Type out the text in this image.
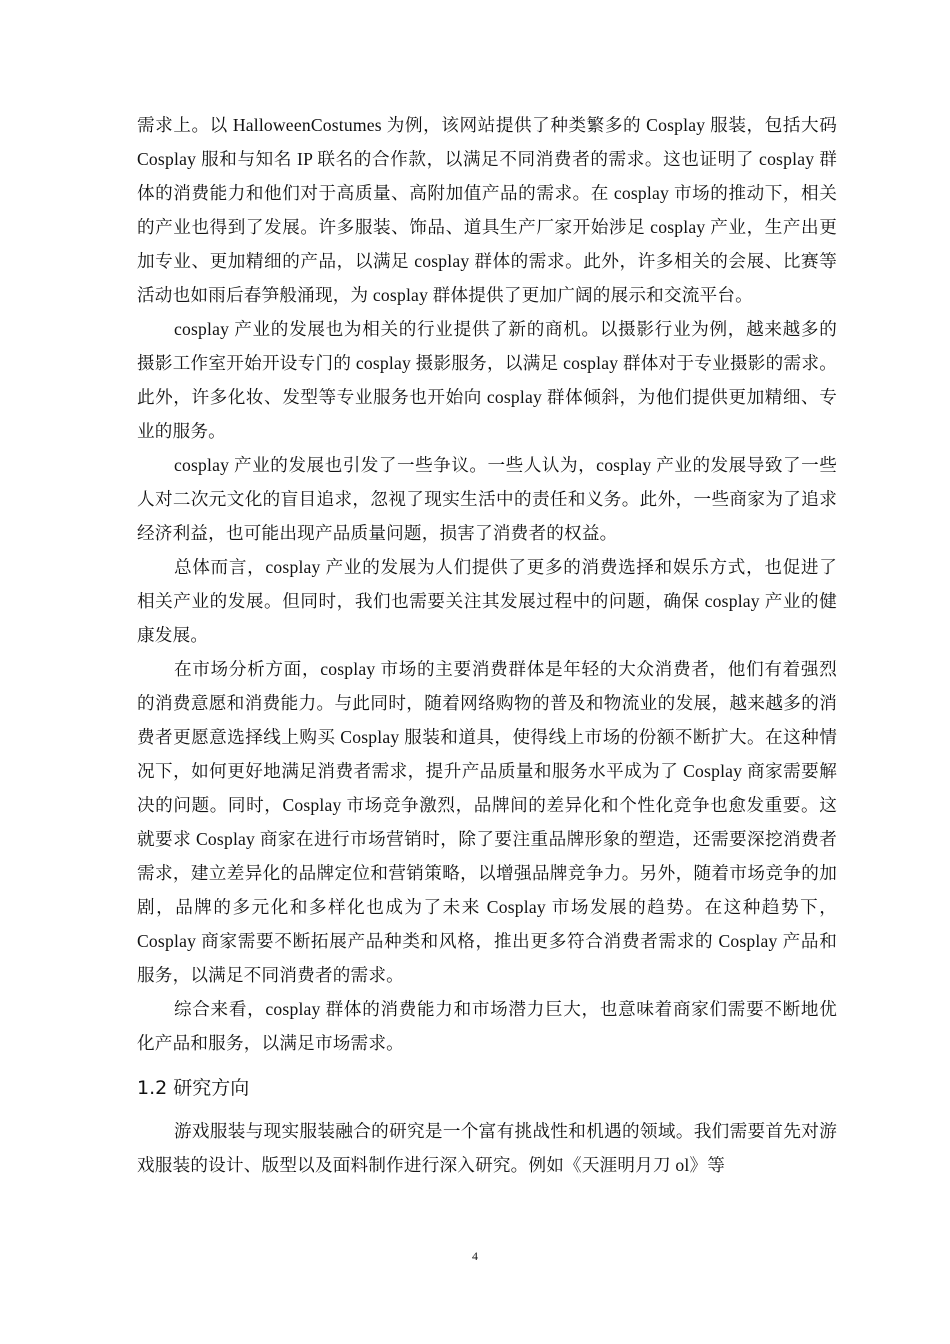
需求上。以 HalloweenCostumes 为例，该网站提供了种类繁多的 Cosplay 服装，包括大码 Cosplay 服和与知名 IP 联名的合作款，以满足不同消费者的需求。这也证明了 cosplay 群体的消费能力和他们对于高质量、高附加值产品的需求。在 cosplay 市场的推动下，相关的产业也得到了发展。许多服装、饰品、道具生产厂家开始涉足 cosplay 产业，生产出更加专业、更加精细的产品，以满足 cosplay 群体的需求。此外，许多相关的会展、比赛等活动也如雨后春笋般涌现，为 cosplay 群体提供了更加广阔的展示和交流平台。

cosplay 产业的发展也为相关的行业提供了新的商机。以摄影行业为例，越来越多的摄影工作室开始开设专门的 cosplay 摄影服务，以满足 cosplay 群体对于专业摄影的需求。此外，许多化妆、发型等专业服务也开始向 cosplay 群体倾斜，为他们提供更加精细、专业的服务。

cosplay 产业的发展也引发了一些争议。一些人认为，cosplay 产业的发展导致了一些人对二次元文化的盲目追求，忽视了现实生活中的责任和义务。此外，一些商家为了追求经济利益，也可能出现产品质量问题，损害了消费者的权益。

总体而言，cosplay 产业的发展为人们提供了更多的消费选择和娱乐方式，也促进了相关产业的发展。但同时，我们也需要关注其发展过程中的问题，确保 cosplay 产业的健康发展。

在市场分析方面，cosplay 市场的主要消费群体是年轻的大众消费者，他们有着强烈的消费意愿和消费能力。与此同时，随着网络购物的普及和物流业的发展，越来越多的消费者更愿意选择线上购买 Cosplay 服装和道具，使得线上市场的份额不断扩大。在这种情况下，如何更好地满足消费者需求，提升产品质量和服务水平成为了 Cosplay 商家需要解决的问题。同时，Cosplay 市场竞争激烈，品牌间的差异化和个性化竞争也愈发重要。这就要求 Cosplay 商家在进行市场营销时，除了要注重品牌形象的塑造，还需要深挖消费者需求，建立差异化的品牌定位和营销策略，以增强品牌竞争力。另外，随着市场竞争的加剧，品牌的多元化和多样化也成为了未来 Cosplay 市场发展的趋势。在这种趋势下，Cosplay 商家需要不断拓展产品种类和风格，推出更多符合消费者需求的 Cosplay 产品和服务，以满足不同消费者的需求。

综合来看，cosplay 群体的消费能力和市场潜力巨大，也意味着商家们需要不断地优化产品和服务，以满足市场需求。

1.2 研究方向

游戏服装与现实服装融合的研究是一个富有挑战性和机遇的领域。我们需要首先对游戏服装的设计、版型以及面料制作进行深入研究。例如《天涯明月刀 ol》等

4
